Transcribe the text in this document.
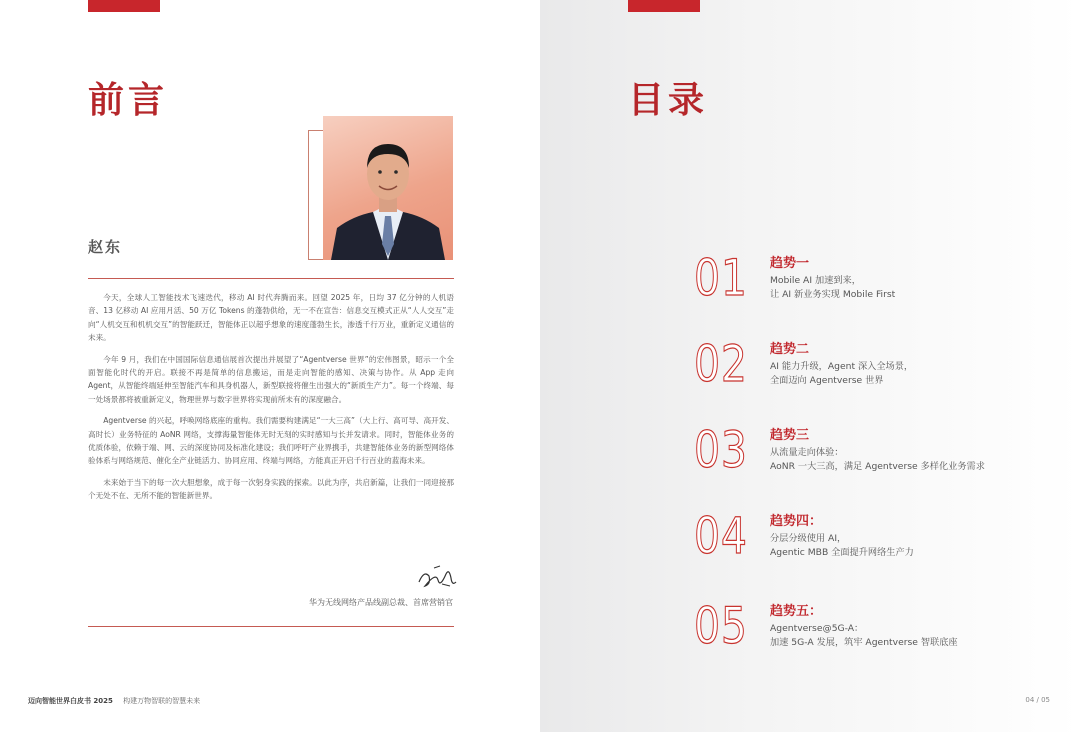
前言
赵东

今天，全球人工智能技术飞速迭代，移动 AI 时代奔腾而来。回望 2025 年，日均 37 亿分钟的人机语音、13 亿移动 AI 应用月活、50 万亿 Tokens 的蓬勃供给，无一不在宣告：信息交互模式正从“人人交互”走向“人机交互和机机交互”的智能跃迁，智能体正以超乎想象的速度蓬勃生长，渗透千行万业，重新定义通信的未来。

今年 9 月，我们在中国国际信息通信展首次提出并展望了“Agentverse 世界”的宏伟图景，昭示一个全面智能化时代的开启。联接不再是简单的信息搬运，而是走向智能的感知、决策与协作。从 App 走向 Agent，从智能终端延伸至智能汽车和具身机器人，新型联接将催生出强大的“新质生产力”。每一个终端、每一处场景都将被重新定义，物理世界与数字世界将实现前所未有的深度融合。

Agentverse 的兴起，呼唤网络底座的重构。我们需要构建满足“一大三高”（大上行、高可导、高开发、高时长）业务特征的 AoNR 网络，支撑海量智能体无时无刻的实时感知与长并发请求。同时，智能体业务的优质体验，依赖于端、网、云的深度协同及标准化建设；我们呼吁产业界携手，共建智能体业务的新型网络体验体系与网络规范、催化全产业链活力、协同应用、终端与网络，方能真正开启千行百业的蓝海未来。

未来始于当下的每一次大胆想象，成于每一次躬身实践的探索。以此为序，共启新篇，让我们一同迎接那个无处不在、无所不能的智能新世界。

华为无线网络产品线副总裁、首席营销官
迈向智能世界白皮书 2025 构建万物智联的智慧未来
目录
01 趋势一
Mobile AI 加速到来，
让 AI 新业务实现 Mobile First
02 趋势二
AI 能力升级，Agent 深入全场景，
全面迈向 Agentverse 世界
03 趋势三
从流量走向体验：
AoNR 一大三高，满足 Agentverse 多样化业务需求
04 趋势四：
分层分级使用 AI，
Agentic MBB 全面提升网络生产力
05 趋势五：
Agentverse@5G-A：
加速 5G-A 发展，筑牢 Agentverse 智联底座
04 / 05
